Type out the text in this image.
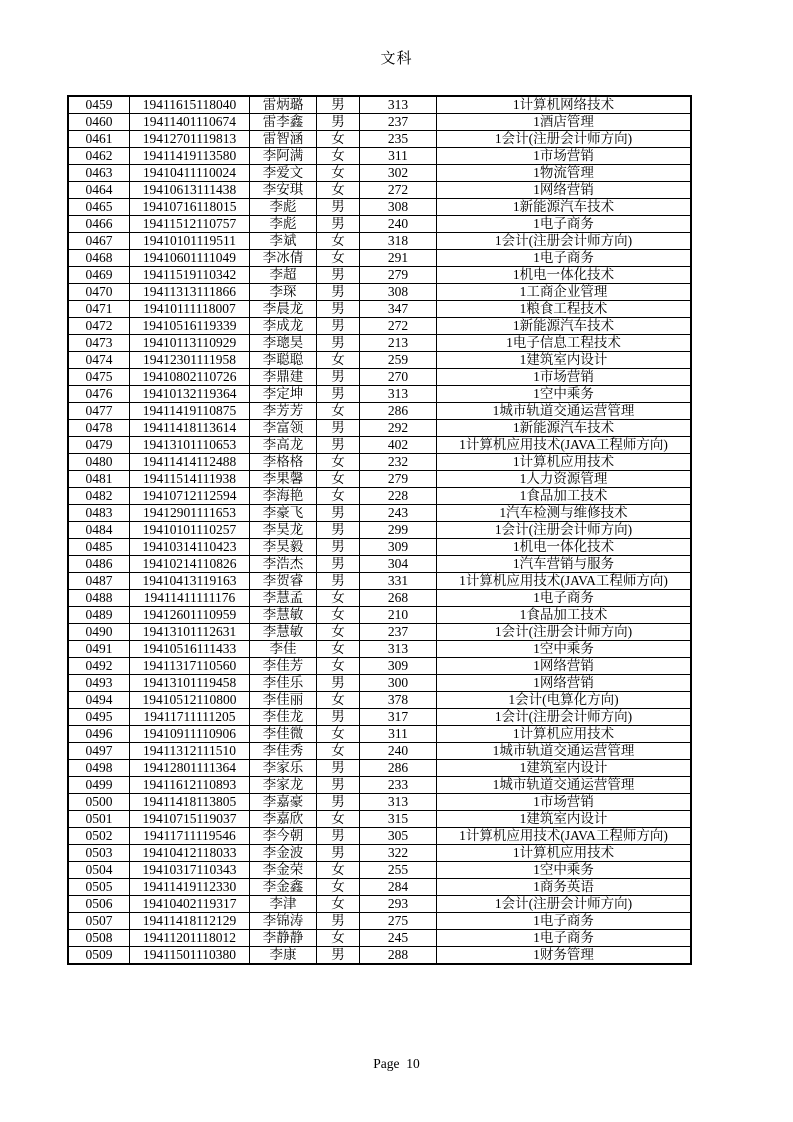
文科
0459	19411615118040	雷炳璐	男	313	1计算机网络技术
0460	19411401110674	雷李鑫	男	237	1酒店管理
0461	19412701119813	雷智涵	女	235	1会计(注册会计师方向)
0462	19411419113580	李阿满	女	311	1市场营销
0463	19410411110024	李爱文	女	302	1物流管理
0464	19410613111438	李安琪	女	272	1网络营销
0465	19410716118015	李彪	男	308	1新能源汽车技术
0466	19411512110757	李彪	男	240	1电子商务
0467	19410101119511	李斌	女	318	1会计(注册会计师方向)
0468	19410601111049	李冰倩	女	291	1电子商务
0469	19411519110342	李超	男	279	1机电一体化技术
0470	19411313111866	李琛	男	308	1工商企业管理
0471	19410111118007	李晨龙	男	347	1粮食工程技术
0472	19410516119339	李成龙	男	272	1新能源汽车技术
0473	19410113110929	李璁昊	男	213	1电子信息工程技术
0474	19412301111958	李聪聪	女	259	1建筑室内设计
0475	19410802110726	李鼎建	男	270	1市场营销
0476	19410132119364	李定坤	男	313	1空中乘务
0477	19411419110875	李芳芳	女	286	1城市轨道交通运营管理
0478	19411418113614	李富领	男	292	1新能源汽车技术
0479	19413101110653	李高龙	男	402	1计算机应用技术(JAVA工程师方向)
0480	19411414112488	李格格	女	232	1计算机应用技术
0481	19411514111938	李果馨	女	279	1人力资源管理
0482	19410712112594	李海艳	女	228	1食品加工技术
0483	19412901111653	李豪飞	男	243	1汽车检测与维修技术
0484	19410101110257	李昊龙	男	299	1会计(注册会计师方向)
0485	19410314110423	李昊毅	男	309	1机电一体化技术
0486	19410214110826	李浩杰	男	304	1汽车营销与服务
0487	19410413119163	李贺睿	男	331	1计算机应用技术(JAVA工程师方向)
0488	19411411111176	李慧孟	女	268	1电子商务
0489	19412601110959	李慧敏	女	210	1食品加工技术
0490	19413101112631	李慧敏	女	237	1会计(注册会计师方向)
0491	19410516111433	李佳	女	313	1空中乘务
0492	19411317110560	李佳芳	女	309	1网络营销
0493	19413101119458	李佳乐	男	300	1网络营销
0494	19410512110800	李佳丽	女	378	1会计(电算化方向)
0495	19411711111205	李佳龙	男	317	1会计(注册会计师方向)
0496	19410911110906	李佳微	女	311	1计算机应用技术
0497	19411312111510	李佳秀	女	240	1城市轨道交通运营管理
0498	19412801111364	李家乐	男	286	1建筑室内设计
0499	19411612110893	李家龙	男	233	1城市轨道交通运营管理
0500	19411418113805	李嘉豪	男	313	1市场营销
0501	19410715119037	李嘉欣	女	315	1建筑室内设计
0502	19411711119546	李今朝	男	305	1计算机应用技术(JAVA工程师方向)
0503	19410412118033	李金波	男	322	1计算机应用技术
0504	19410317110343	李金荣	女	255	1空中乘务
0505	19411419112330	李金鑫	女	284	1商务英语
0506	19410402119317	李津	女	293	1会计(注册会计师方向)
0507	19411418112129	李锦涛	男	275	1电子商务
0508	19411201118012	李静静	女	245	1电子商务
0509	19411501110380	李康	男	288	1财务管理
Page  10
